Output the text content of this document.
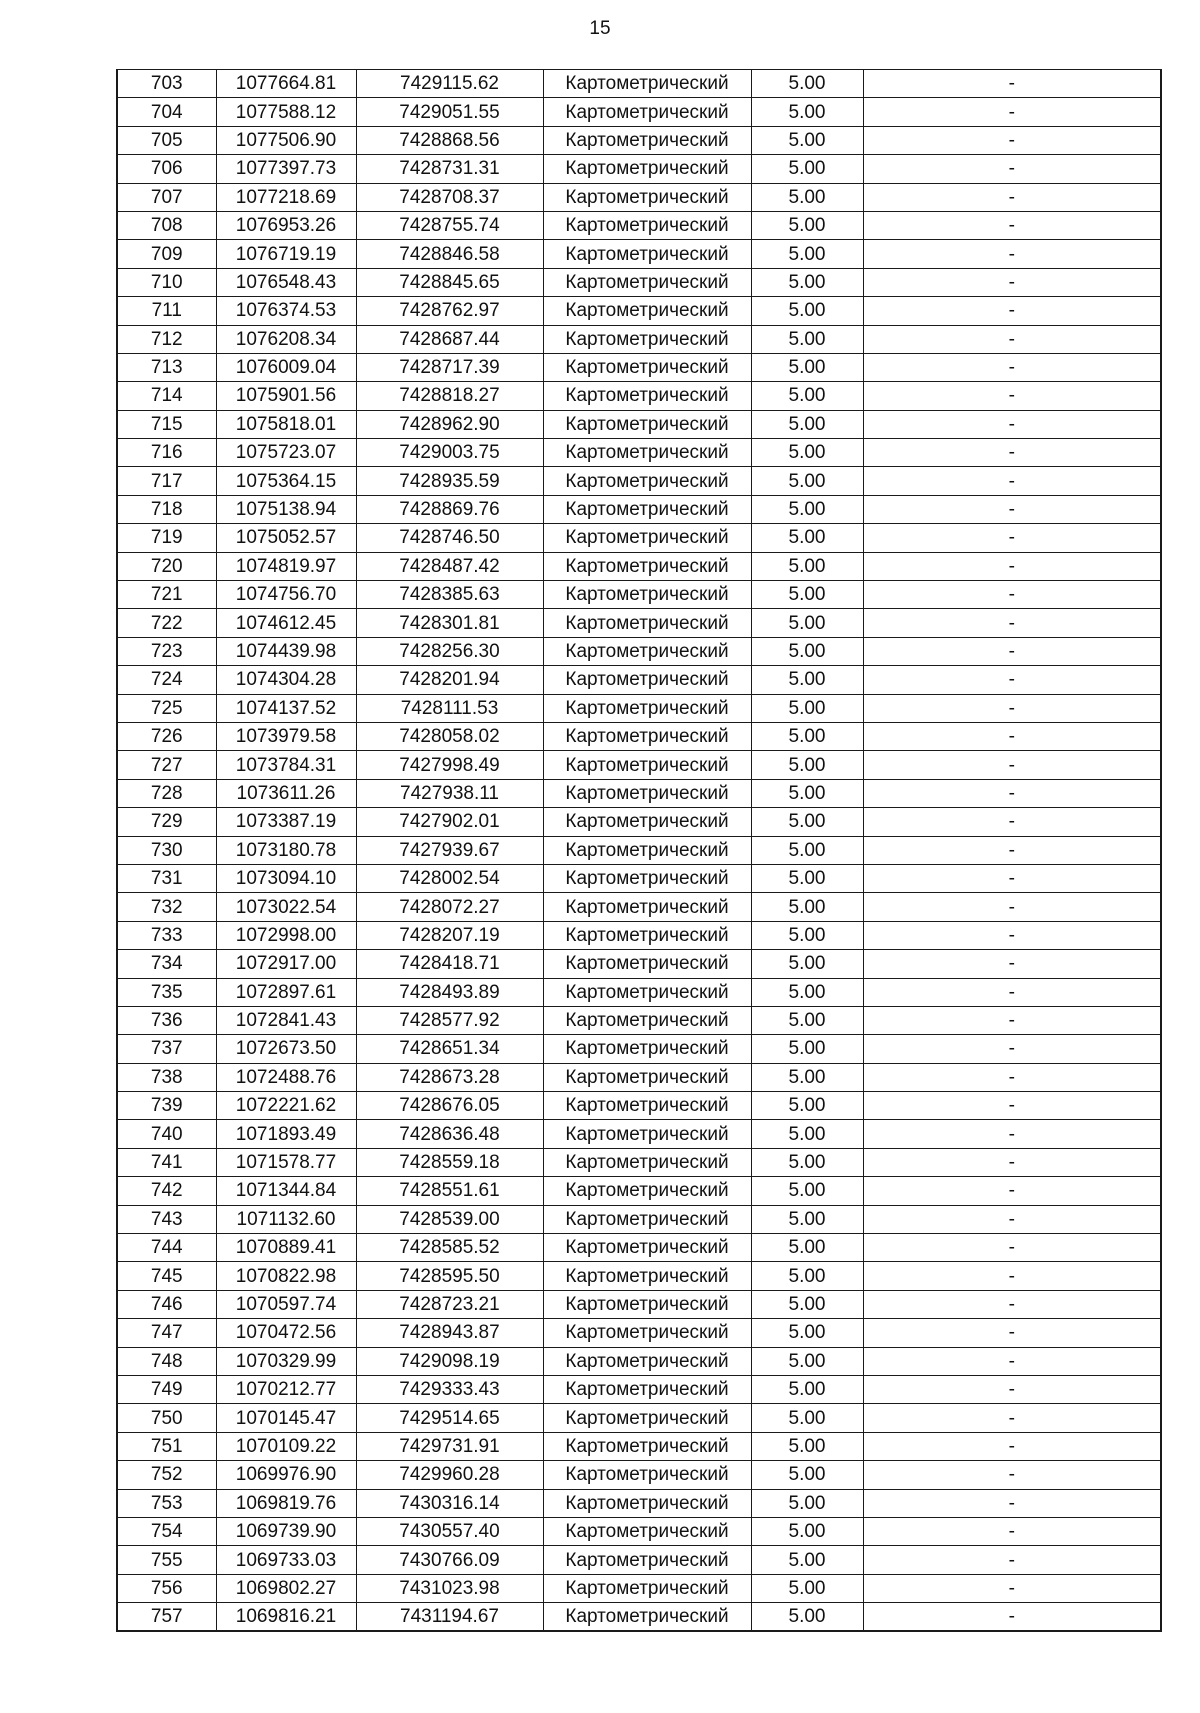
15
703	1077664.81	7429115.62	Картометрический	5.00	-
704	1077588.12	7429051.55	Картометрический	5.00	-
705	1077506.90	7428868.56	Картометрический	5.00	-
706	1077397.73	7428731.31	Картометрический	5.00	-
707	1077218.69	7428708.37	Картометрический	5.00	-
708	1076953.26	7428755.74	Картометрический	5.00	-
709	1076719.19	7428846.58	Картометрический	5.00	-
710	1076548.43	7428845.65	Картометрический	5.00	-
711	1076374.53	7428762.97	Картометрический	5.00	-
712	1076208.34	7428687.44	Картометрический	5.00	-
713	1076009.04	7428717.39	Картометрический	5.00	-
714	1075901.56	7428818.27	Картометрический	5.00	-
715	1075818.01	7428962.90	Картометрический	5.00	-
716	1075723.07	7429003.75	Картометрический	5.00	-
717	1075364.15	7428935.59	Картометрический	5.00	-
718	1075138.94	7428869.76	Картометрический	5.00	-
719	1075052.57	7428746.50	Картометрический	5.00	-
720	1074819.97	7428487.42	Картометрический	5.00	-
721	1074756.70	7428385.63	Картометрический	5.00	-
722	1074612.45	7428301.81	Картометрический	5.00	-
723	1074439.98	7428256.30	Картометрический	5.00	-
724	1074304.28	7428201.94	Картометрический	5.00	-
725	1074137.52	7428111.53	Картометрический	5.00	-
726	1073979.58	7428058.02	Картометрический	5.00	-
727	1073784.31	7427998.49	Картометрический	5.00	-
728	1073611.26	7427938.11	Картометрический	5.00	-
729	1073387.19	7427902.01	Картометрический	5.00	-
730	1073180.78	7427939.67	Картометрический	5.00	-
731	1073094.10	7428002.54	Картометрический	5.00	-
732	1073022.54	7428072.27	Картометрический	5.00	-
733	1072998.00	7428207.19	Картометрический	5.00	-
734	1072917.00	7428418.71	Картометрический	5.00	-
735	1072897.61	7428493.89	Картометрический	5.00	-
736	1072841.43	7428577.92	Картометрический	5.00	-
737	1072673.50	7428651.34	Картометрический	5.00	-
738	1072488.76	7428673.28	Картометрический	5.00	-
739	1072221.62	7428676.05	Картометрический	5.00	-
740	1071893.49	7428636.48	Картометрический	5.00	-
741	1071578.77	7428559.18	Картометрический	5.00	-
742	1071344.84	7428551.61	Картометрический	5.00	-
743	1071132.60	7428539.00	Картометрический	5.00	-
744	1070889.41	7428585.52	Картометрический	5.00	-
745	1070822.98	7428595.50	Картометрический	5.00	-
746	1070597.74	7428723.21	Картометрический	5.00	-
747	1070472.56	7428943.87	Картометрический	5.00	-
748	1070329.99	7429098.19	Картометрический	5.00	-
749	1070212.77	7429333.43	Картометрический	5.00	-
750	1070145.47	7429514.65	Картометрический	5.00	-
751	1070109.22	7429731.91	Картометрический	5.00	-
752	1069976.90	7429960.28	Картометрический	5.00	-
753	1069819.76	7430316.14	Картометрический	5.00	-
754	1069739.90	7430557.40	Картометрический	5.00	-
755	1069733.03	7430766.09	Картометрический	5.00	-
756	1069802.27	7431023.98	Картометрический	5.00	-
757	1069816.21	7431194.67	Картометрический	5.00	-
